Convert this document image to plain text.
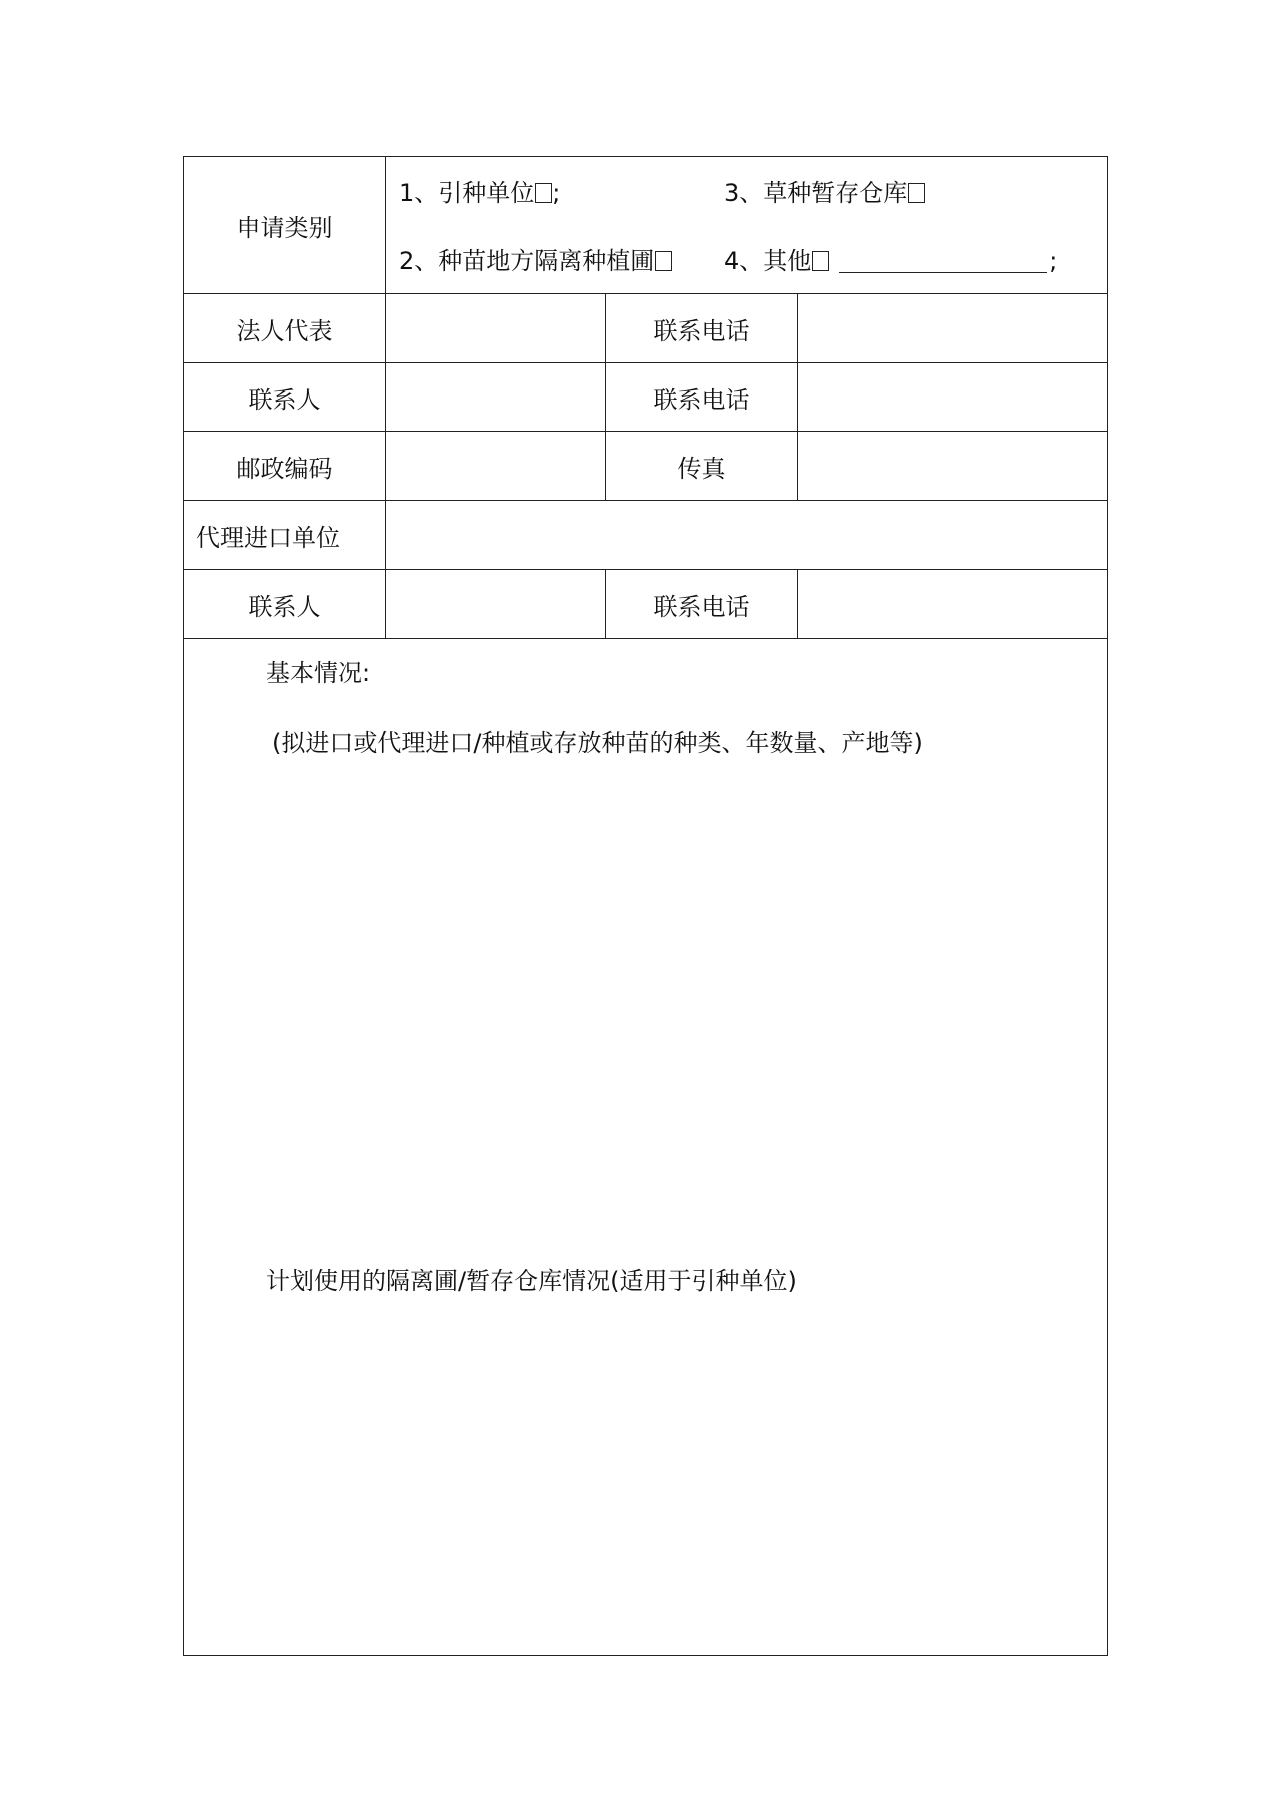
申请类别	1、引种单位 ; 3、草种暂存仓库
2、种苗地方隔离种植圃 4、其他 ;		

法人代表		联系电话	
联系人		联系电话	
邮政编码		传真	
代理进口单位			
联系人		联系电话	

基本情况:
(拟进口或代理进口/种植或存放种苗的种类、年数量、产地等)
计划使用的隔离圃/暂存仓库情况(适用于引种单位)			
